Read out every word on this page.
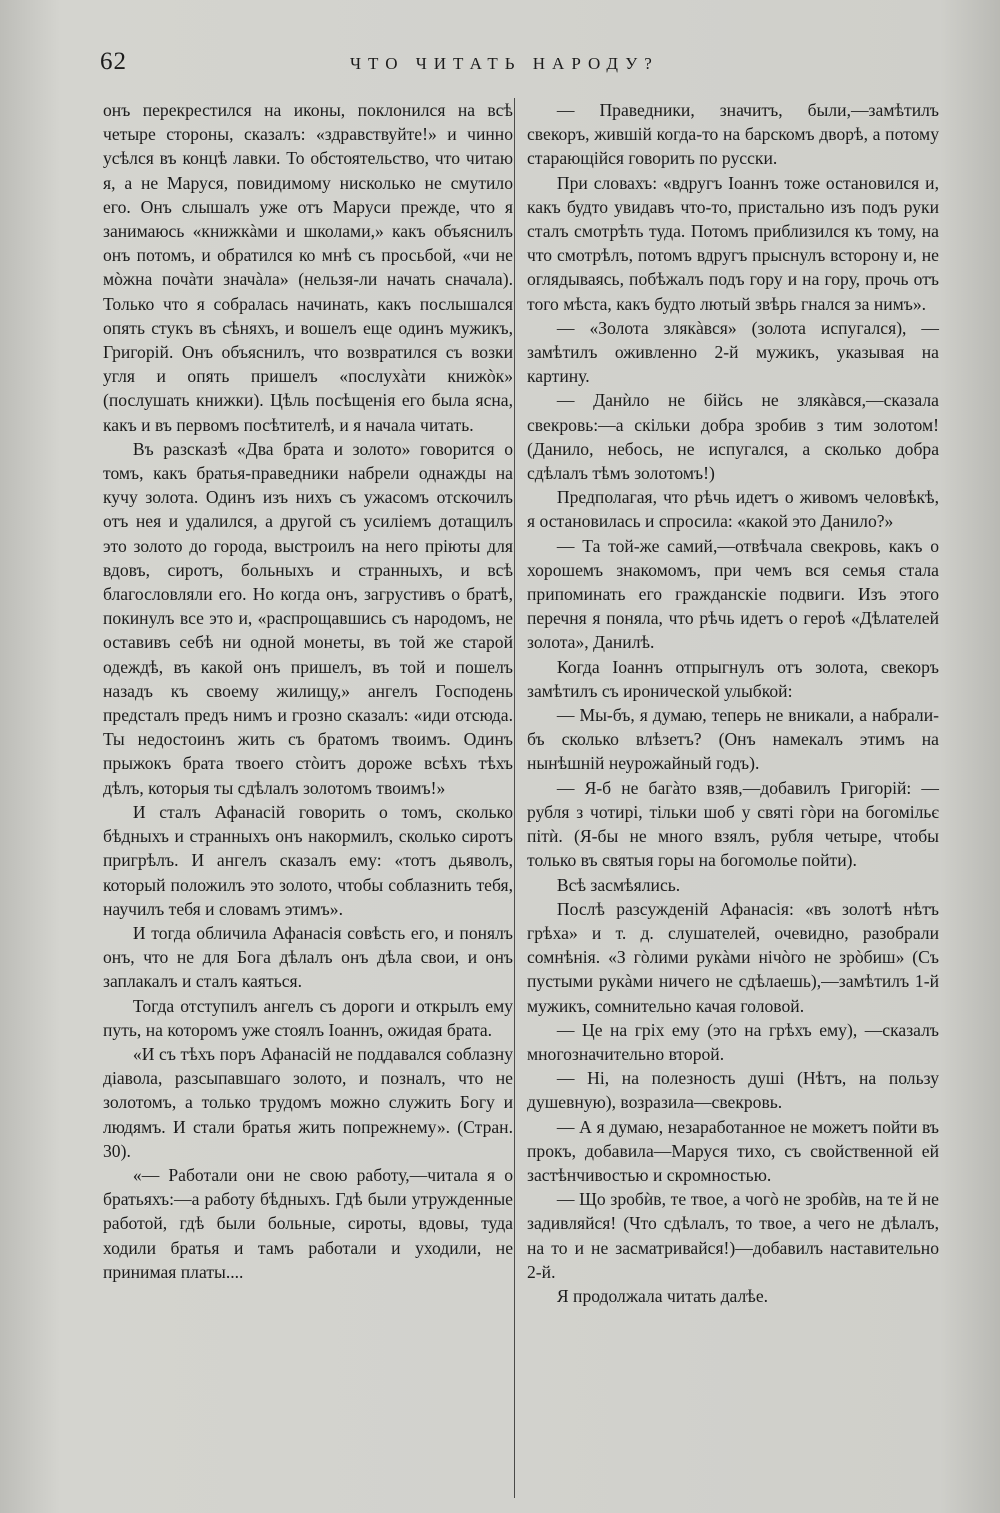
62	ЧТО ЧИТАТЬ НАРОДУ?

онъ перекрестился на иконы, поклонился на всѣ четыре стороны, сказалъ: «здравствуйте!» и чинно усѣлся въ концѣ лавки. То обстоятельство, что читаю я, а не Маруся, повидимому нисколько не смутило его. Онъ слышалъ уже отъ Маруси прежде, что я занимаюсь «книжкàми и школами,» какъ объяснилъ онъ потомъ, и обратился ко мнѣ съ просьбой, «чи не мòжна почàти значàла» (нельзя-ли начать сначала). Только что я собралась начинать, какъ послышался опять стукъ въ сѣняхъ, и вошелъ еще одинъ мужикъ, Григорій. Онъ объяснилъ, что возвратился съ возки угля и опять пришелъ «послухàти книжòк» (послушать книжки). Цѣль посѣщенія его была ясна, какъ и въ первомъ посѣтителѣ, и я начала читать.

Въ разсказѣ «Два брата и золото» говорится о томъ, какъ братья-праведники набрели однажды на кучу золота. Одинъ изъ нихъ съ ужасомъ отскочилъ отъ нея и удалился, а другой съ усиліемъ дотащилъ это золото до города, выстроилъ на него пріюты для вдовъ, сиротъ, больныхъ и странныхъ, и всѣ благословляли его. Но когда онъ, загрустивъ о братѣ, покинулъ все это и, «распрощавшись съ народомъ, не оставивъ себѣ ни одной монеты, въ той же старой одеждѣ, въ какой онъ пришелъ, въ той и пошелъ назадъ къ своему жилищу,» ангелъ Господень предсталъ предъ нимъ и грозно сказалъ: «иди отсюда. Ты недостоинъ жить съ братомъ твоимъ. Одинъ прыжокъ брата твоего стòитъ дороже всѣхъ тѣхъ дѣлъ, которыя ты сдѣлалъ золотомъ твоимъ!»

И сталъ Афанасій говорить о томъ, сколько бѣдныхъ и странныхъ онъ накормилъ, сколько сиротъ пригрѣлъ. И ангелъ сказалъ ему: «тотъ дьяволъ, который положилъ это золото, чтобы соблазнить тебя, научилъ тебя и словамъ этимъ».

И тогда обличила Афанасія совѣсть его, и понялъ онъ, что не для Бога дѣлалъ онъ дѣла свои, и онъ заплакалъ и сталъ каяться.

Тогда отступилъ ангелъ съ дороги и открылъ ему путь, на которомъ уже стоялъ Іоаннъ, ожидая брата.

«И съ тѣхъ поръ Афанасій не поддавался соблазну діавола, разсыпавшаго золото, и позналъ, что не золотомъ, а только трудомъ можно служить Богу и людямъ. И стали братья жить попрежнему». (Стран. 30).

«— Работали они не свою работу,—читала я о братьяхъ:—а работу бѣдныхъ. Гдѣ были утружденные работой, гдѣ были больные, сироты, вдовы, туда ходили братья и тамъ работали и уходили, не принимая платы....

— Праведники, значитъ, были,—замѣтилъ свекоръ, жившій когда-то на барскомъ дворѣ, а потому старающійся говорить по русски.

При словахъ: «вдругъ Іоаннъ тоже остановился и, какъ будто увидавъ что-то, пристально изъ подъ руки сталъ смотрѣть туда. Потомъ приблизился къ тому, на что смотрѣлъ, потомъ вдругъ прыснулъ всторону и, не оглядываясь, побѣжалъ подъ гору и на гору, прочь отъ того мѣста, какъ будто лютый звѣрь гнался за нимъ».

— «Золота злякàвся» (золота испугался), —замѣтилъ оживленно 2-й мужикъ, указывая на картину.

— Данѝло не бійсь не злякàвся,—сказала свекровь:—а скільки добра зробив з тим золотом! (Данило, небось, не испугался, а сколько добра сдѣлалъ тѣмъ золотомъ!)

Предполагая, что рѣчь идетъ о живомъ человѣкѣ, я остановилась и спросила: «какой это Данило?»

— Та той-же самий,—отвѣчала свекровь, какъ о хорошемъ знакомомъ, при чемъ вся семья стала припоминать его гражданскіе подвиги. Изъ этого перечня я поняла, что рѣчь идетъ о героѣ «Дѣлателей золота», Данилѣ.

Когда Іоаннъ отпрыгнулъ отъ золота, свекоръ замѣтилъ съ иронической улыбкой:

— Мы-бъ, я думаю, теперь не вникали, а набрали-бъ сколько влѣзетъ? (Онъ намекалъ этимъ на нынѣшній неурожайный годъ).

— Я-б не багàто взяв,—добавилъ Григорій: —рубля з чотирі, тільки шоб у святі гòри на богомільє пітѝ. (Я-бы не много взялъ, рубля четыре, чтобы только въ святыя горы на богомолье пойти).

Всѣ засмѣялись.

Послѣ разсужденій Афанасія: «въ золотѣ нѣтъ грѣха» и т. д. слушателей, очевидно, разобрали сомнѣнія. «З гòлими рукàми нічòго не зрòбиш» (Съ пустыми рукàми ничего не сдѣлаешь),—замѣтилъ 1-й мужикъ, сомнительно качая головой.

— Це на гріх ему (это на грѣхъ ему), —сказалъ многозначительно второй.

— Ні, на полезность душі (Нѣтъ, на пользу душевную), возразила—свекровь.

— А я думаю, незаработанное не можетъ пойти въ прокъ, добавила—Маруся тихо, съ свойственной ей застѣнчивостью и скромностью.

— Що зробѝв, те твое, а чогò не зробѝв, на те й не задивляйся! (Что сдѣлалъ, то твое, а чего не дѣлалъ, на то и не засматривайся!)—добавилъ наставительно 2-й.

Я продолжала читать далѣе.
